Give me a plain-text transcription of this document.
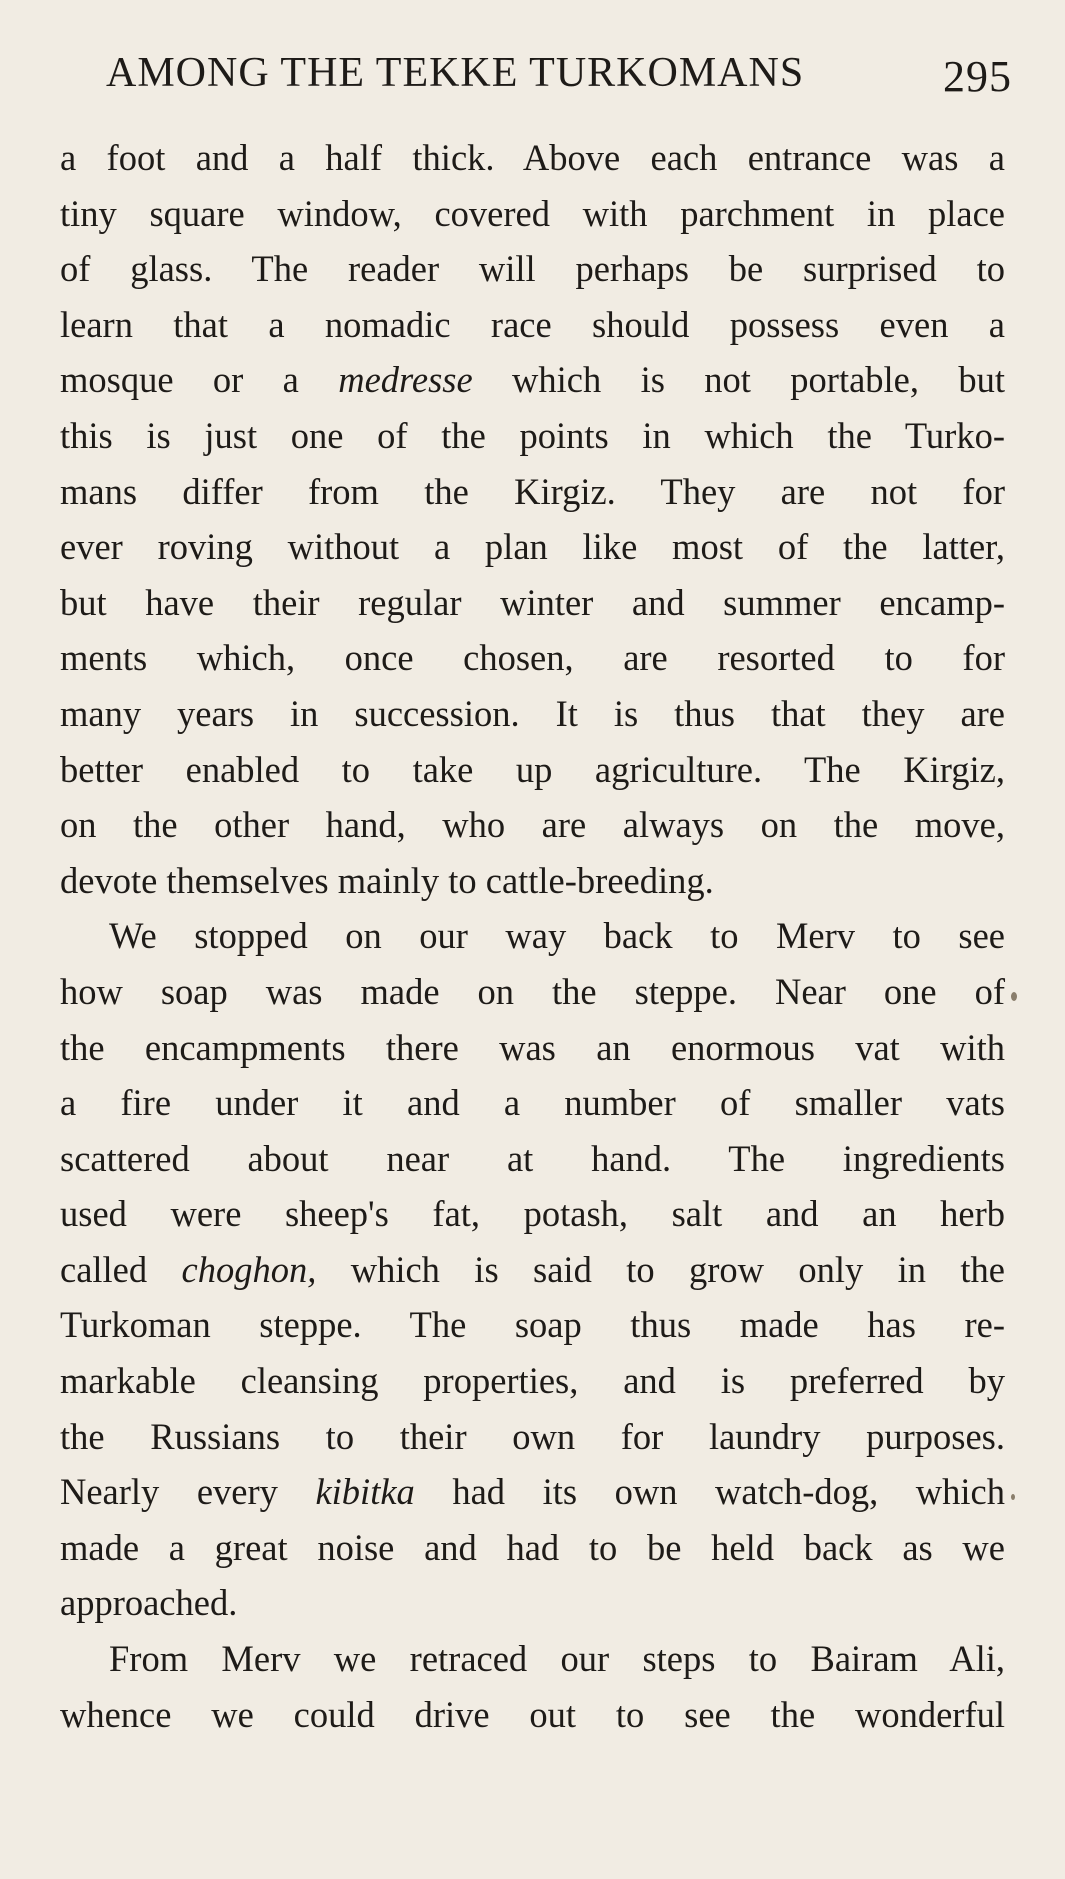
AMONG THE TEKKE TURKOMANS	295
a foot and a half thick. Above each entrance was a
tiny square window, covered with parchment in place
of glass. The reader will perhaps be surprised to
learn that a nomadic race should possess even a
mosque or a medresse which is not portable, but
this is just one of the points in which the Turko-
mans differ from the Kirgiz. They are not for
ever roving without a plan like most of the latter,
but have their regular winter and summer encamp-
ments which, once chosen, are resorted to for
many years in succession. It is thus that they are
better enabled to take up agriculture. The Kirgiz,
on the other hand, who are always on the move,
devote themselves mainly to cattle-breeding.
We stopped on our way back to Merv to see
how soap was made on the steppe. Near one of
the encampments there was an enormous vat with
a fire under it and a number of smaller vats
scattered about near at hand. The ingredients
used were sheep's fat, potash, salt and an herb
called choghon, which is said to grow only in the
Turkoman steppe. The soap thus made has re-
markable cleansing properties, and is preferred by
the Russians to their own for laundry purposes.
Nearly every kibitka had its own watch-dog, which
made a great noise and had to be held back as we
approached.
From Merv we retraced our steps to Bairam Ali,
whence we could drive out to see the wonderful
